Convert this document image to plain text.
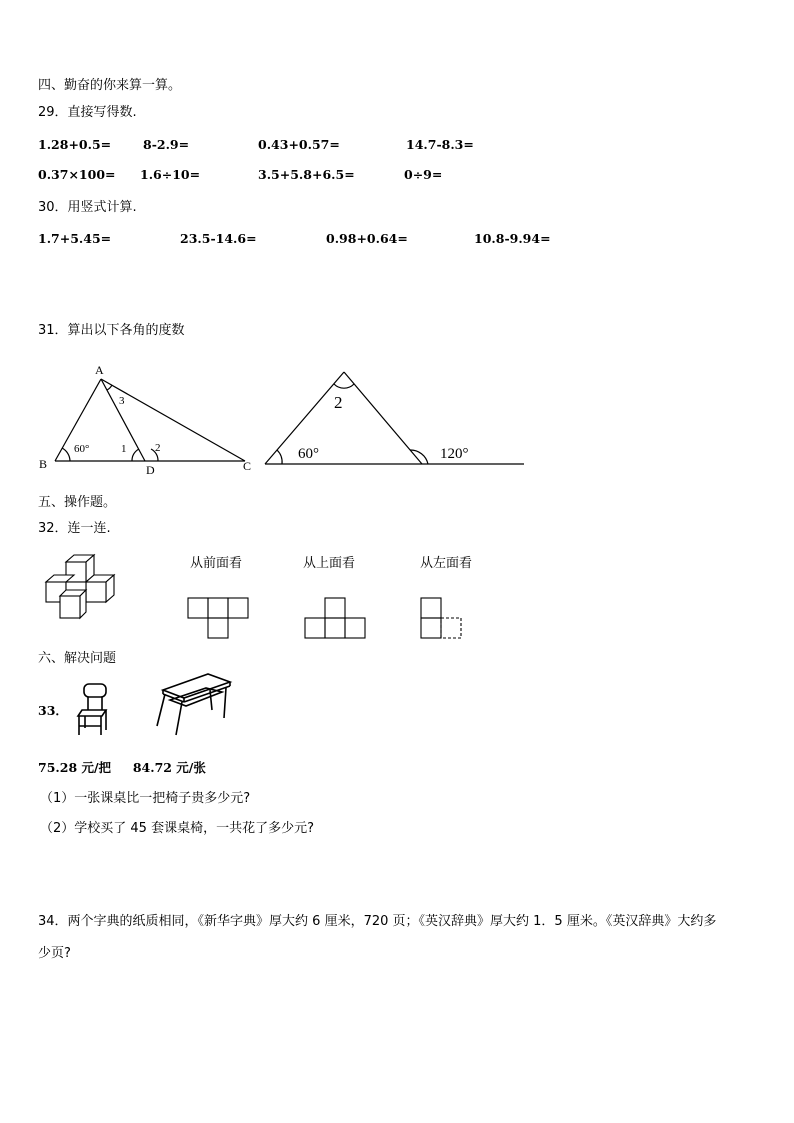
四、勤奋的你来算一算。
29．直接写得数.
1.28+0.5=	8-2.9=	0.43+0.57=	14.7-8.3=
0.37×100= 1.6÷10=	3.5+5.8+6.5=	0÷9=
30．用竖式计算.
1.7+5.45=	23.5-14.6=	0.98+0.64=	10.8-9.94=
31．算出以下各角的度数
A
B	C
D
60°	1	2
3	2
60°	120°
五、操作题。
32．连一连.
从前面看	从上面看	从左面看
六、解决问题
33．
75.28 元/把     84.72 元/张
（1）一张课桌比一把椅子贵多少元?
（2）学校买了 45 套课桌椅，一共花了多少元?
34．两个字典的纸质相同，《新华字典》厚大约 6 厘米，720 页；《英汉辞典》厚大约 1．5 厘米。《英汉辞典》大约多
少页?
